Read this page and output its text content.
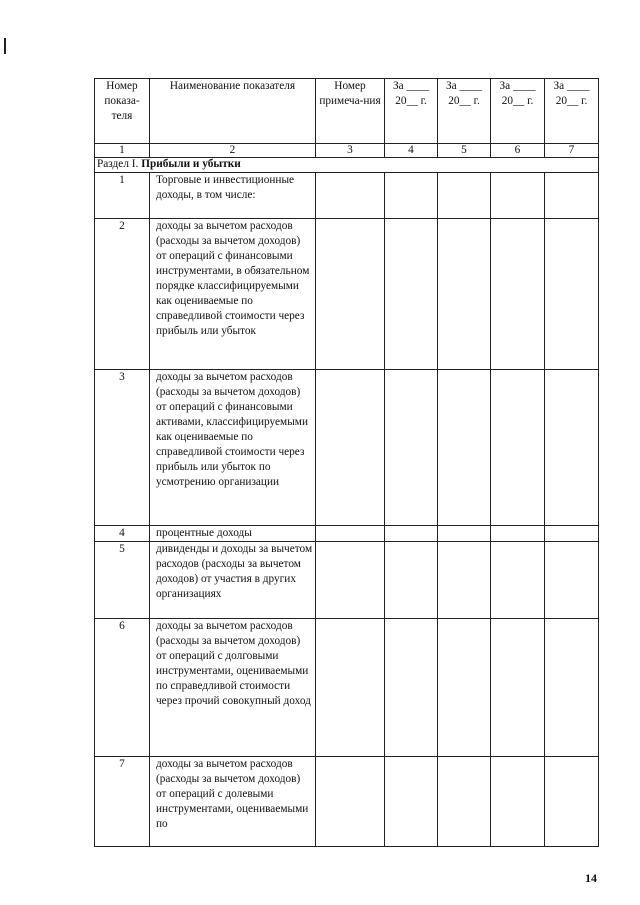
Номер показа-теля	Наименование показателя	Номер примеча-ния	За ____ 20__ г.	За ____ 20__ г.	За ____ 20__ г.	За ____ 20__ г.
1	2	3	4	5	6	7
Раздел I. Прибыли и убытки						
1	Торговые и инвестиционные доходы, в том числе:					
2	доходы за вычетом расходов (расходы за вычетом доходов) от операций с финансовыми инструментами, в обязательном порядке классифицируемыми как оцениваемые по справедливой стоимости через прибыль или убыток					
3	доходы за вычетом расходов (расходы за вычетом доходов) от операций с финансовыми активами, классифицируемыми как оцениваемые по справедливой стоимости через прибыль или убыток по усмотрению организации					
4	процентные доходы					
5	дивиденды и доходы за вычетом расходов (расходы за вычетом доходов) от участия в других организациях					
6	доходы за вычетом расходов (расходы за вычетом доходов) от операций с долговыми инструментами, оцениваемыми по справедливой стоимости через прочий совокупный доход					
7	доходы за вычетом расходов (расходы за вычетом доходов) от операций с долевыми инструментами, оцениваемыми по					
14
